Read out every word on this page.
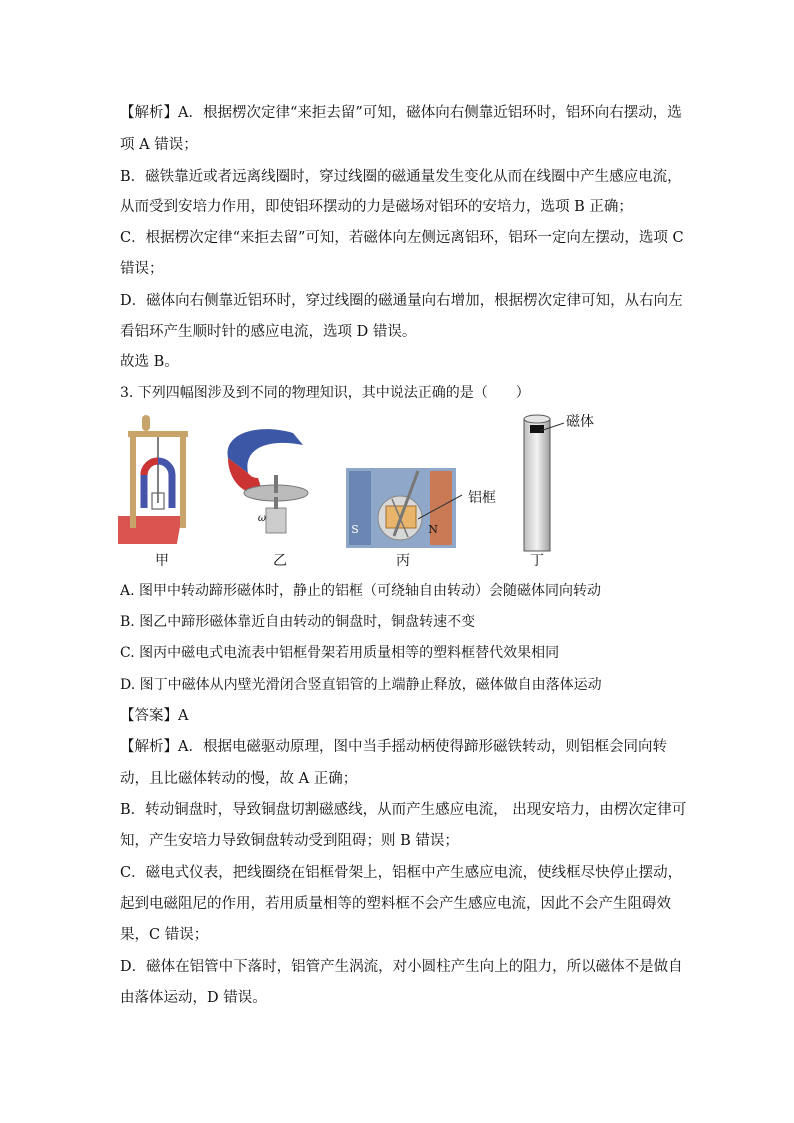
【解析】A．根据楞次定律“来拒去留”可知，磁体向右侧靠近铝环时，铝环向右摆动，选
项 A 错误；
B．磁铁靠近或者远离线圈时，穿过线圈的磁通量发生变化从而在线圈中产生感应电流，
从而受到安培力作用，即使铝环摆动的力是磁场对铝环的安培力，选项 B 正确；
C．根据楞次定律“来拒去留”可知，若磁体向左侧远离铝环，铝环一定向左摆动，选项 C
错误；
D．磁体向右侧靠近铝环时，穿过线圈的磁通量向右增加，根据楞次定律可知，从右向左
看铝环产生顺时针的感应电流，选项 D 错误。
故选 B。
3. 下列四幅图涉及到不同的物理知识，其中说法正确的是（　　）
甲
ω
乙
S	N
铝框
丙
磁体
丁
A. 图甲中转动蹄形磁体时，静止的铝框（可绕轴自由转动）会随磁体同向转动
B. 图乙中蹄形磁体靠近自由转动的铜盘时，铜盘转速不变
C. 图丙中磁电式电流表中铝框骨架若用质量相等的塑料框替代效果相同
D. 图丁中磁体从内壁光滑闭合竖直铝管的上端静止释放，磁体做自由落体运动
【答案】A
【解析】A．根据电磁驱动原理，图中当手摇动柄使得蹄形磁铁转动，则铝框会同向转
动，且比磁体转动的慢，故 A 正确；
B．转动铜盘时，导致铜盘切割磁感线，从而产生感应电流， 出现安培力，由楞次定律可
知，产生安培力导致铜盘转动受到阻碍；则 B 错误；
C．磁电式仪表，把线圈绕在铝框骨架上，铝框中产生感应电流，使线框尽快停止摆动，
起到电磁阻尼的作用，若用质量相等的塑料框不会产生感应电流，因此不会产生阻碍效
果，C 错误；
D．磁体在铝管中下落时，铝管产生涡流，对小圆柱产生向上的阻力，所以磁体不是做自
由落体运动，D 错误。
